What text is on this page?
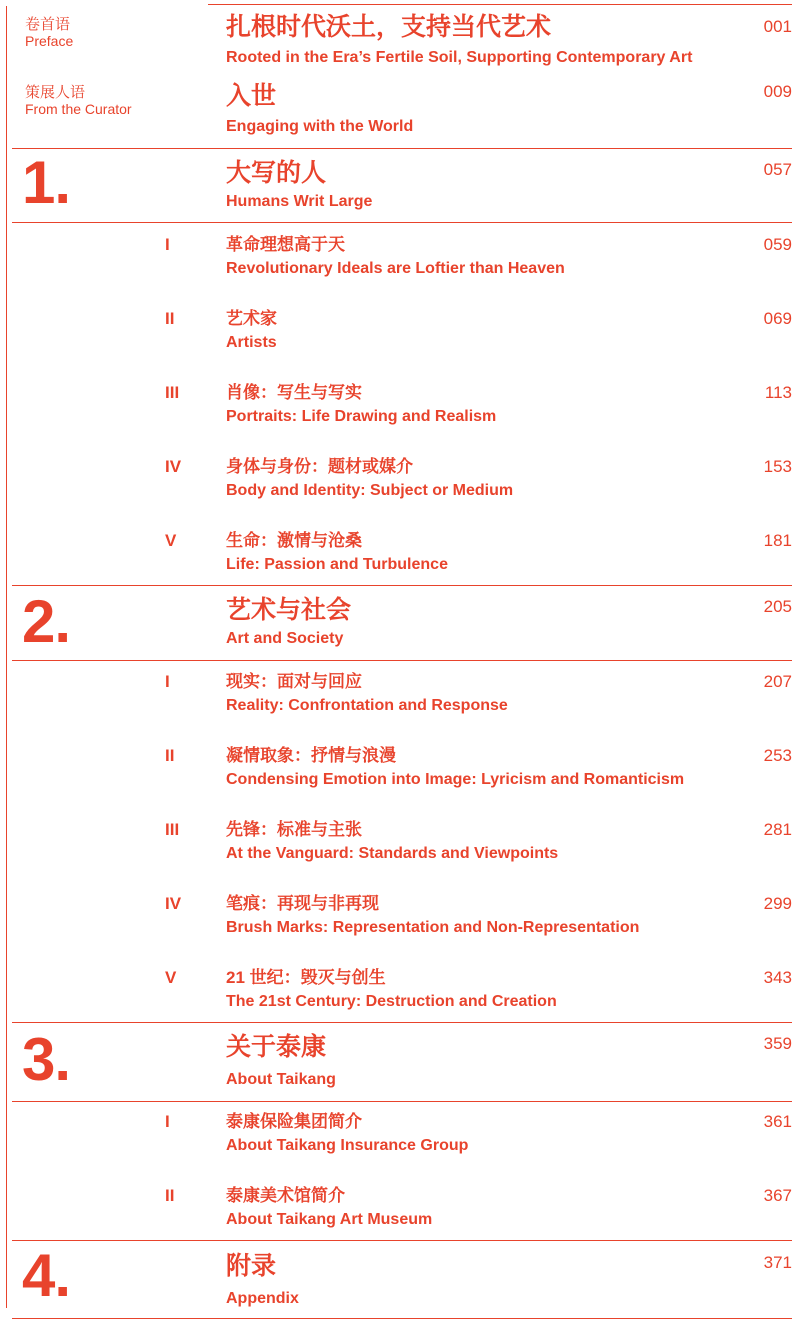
卷首语
Preface	扎根时代沃土，支持当代艺术
Rooted in the Era’s Fertile Soil, Supporting Contemporary Art
001
策展人语
From the Curator	入世
Engaging with the World
009
1.	大写的人
Humans Writ Large
057
I	革命理想高于天
Revolutionary Ideals are Loftier than Heaven
059
II	艺术家
Artists
069
III	肖像：写生与写实
Portraits: Life Drawing and Realism
113
IV	身体与身份：题材或媒介
Body and Identity: Subject or Medium
153
V	生命：激情与沧桑
Life: Passion and Turbulence
181
2.	艺术与社会
Art and Society
205
I	现实：面对与回应
Reality: Confrontation and Response
207
II	凝情取象：抒情与浪漫
Condensing Emotion into Image: Lyricism and Romanticism
253
III	先锋：标准与主张
At the Vanguard: Standards and Viewpoints
281
IV	笔痕：再现与非再现
Brush Marks: Representation and Non-Representation
299
V	21 世纪：毁灭与创生
The 21st Century: Destruction and Creation
343
3.	关于泰康
About Taikang
359
I	泰康保险集团简介
About Taikang Insurance Group
361
II	泰康美术馆简介
About Taikang Art Museum
367
4.	附录
Appendix
371
